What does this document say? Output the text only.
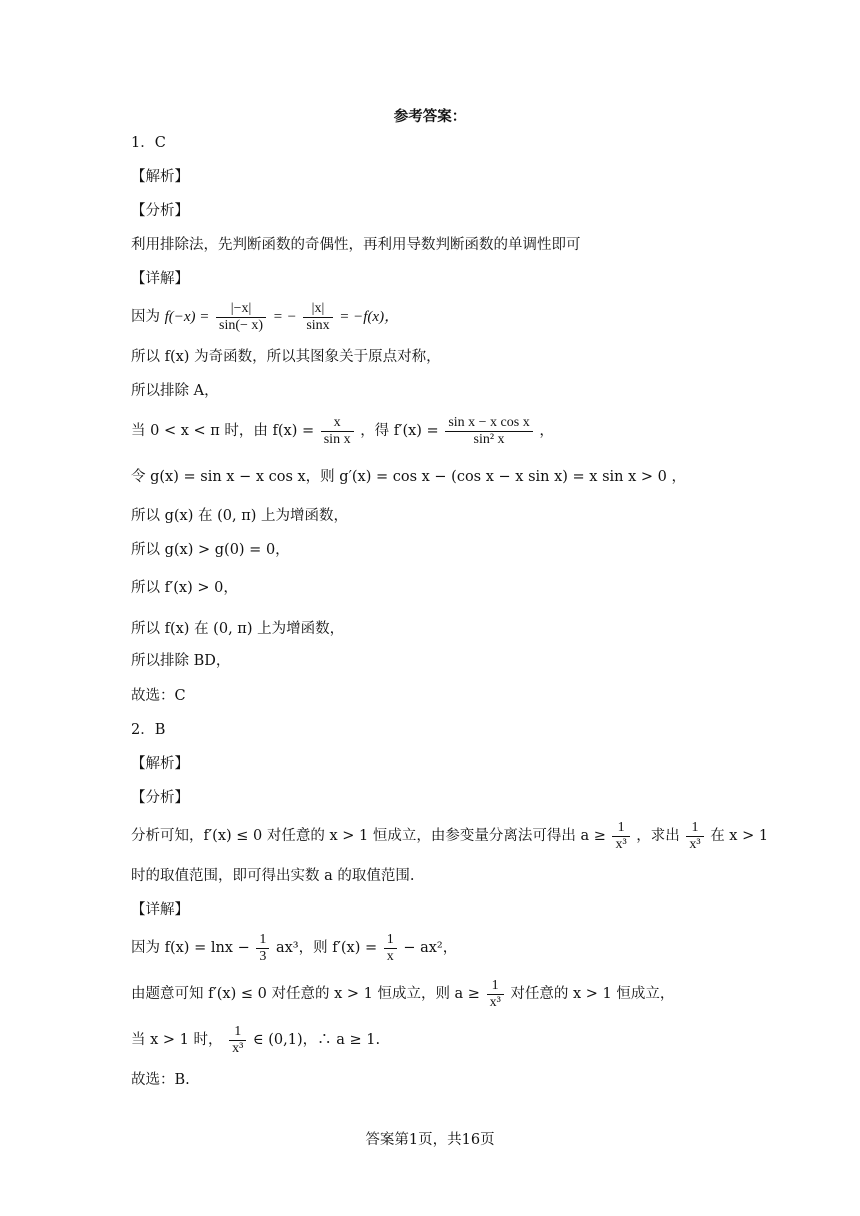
参考答案：
1．C
【解析】
【分析】
利用排除法，先判断函数的奇偶性，再利用导数判断函数的单调性即可
【详解】
因为 $f(-x) = \frac{|-x|}{\sin(- x)}$ = − $\frac{|x|}{\sin x} = -f(x)$，
所以 f(x) 为奇函数，所以其图象关于原点对称，
所以排除 A，
当 0 < x < π 时，由 $f(x) = \frac{x}{\text{sin x}}$ ，得 $f'(x) = \frac{\text{sin x − x cos x}}{\text{sin² x}}$ ，
令 g(x) = sin x − x cos x，则 g′(x) = cos x − (cos x − x sin x) = x sin x > 0 ，
所以 g(x) 在 (0, π) 上为增函数，
所以 g(x) > g(0) = 0，
所以 f′(x) > 0，
所以 f(x) 在 (0, π) 上为增函数，
所以排除 BD，
故选：C
2．B
【解析】
【分析】
分析可知，f′(x) ≤ 0 对任意的 x > 1 恒成立，由参变量分离法可得出 $a \ge \frac{1}{\text{x³}}$ ，求出 $\frac{1}{\text{x³}}$ 在 x > 1
时的取值范围，即可得出实数 a 的取值范围.
【详解】
因为 $f(x) = \ln x - \frac{1}{3} ax^3$，则 $f'(x) = \frac{1}{x} - ax^2$，
由题意可知 f′(x) ≤ 0 对任意的 x > 1 恒成立，则 $a \ge \frac{1}{\text{x³}}$ 对任意的 x > 1 恒成立，
当 x > 1 时， $\frac{1}{\text{x³}}$ ∈ (0,1)，∴ a ≥ 1.
故选：B.
答案第1页，共16页
